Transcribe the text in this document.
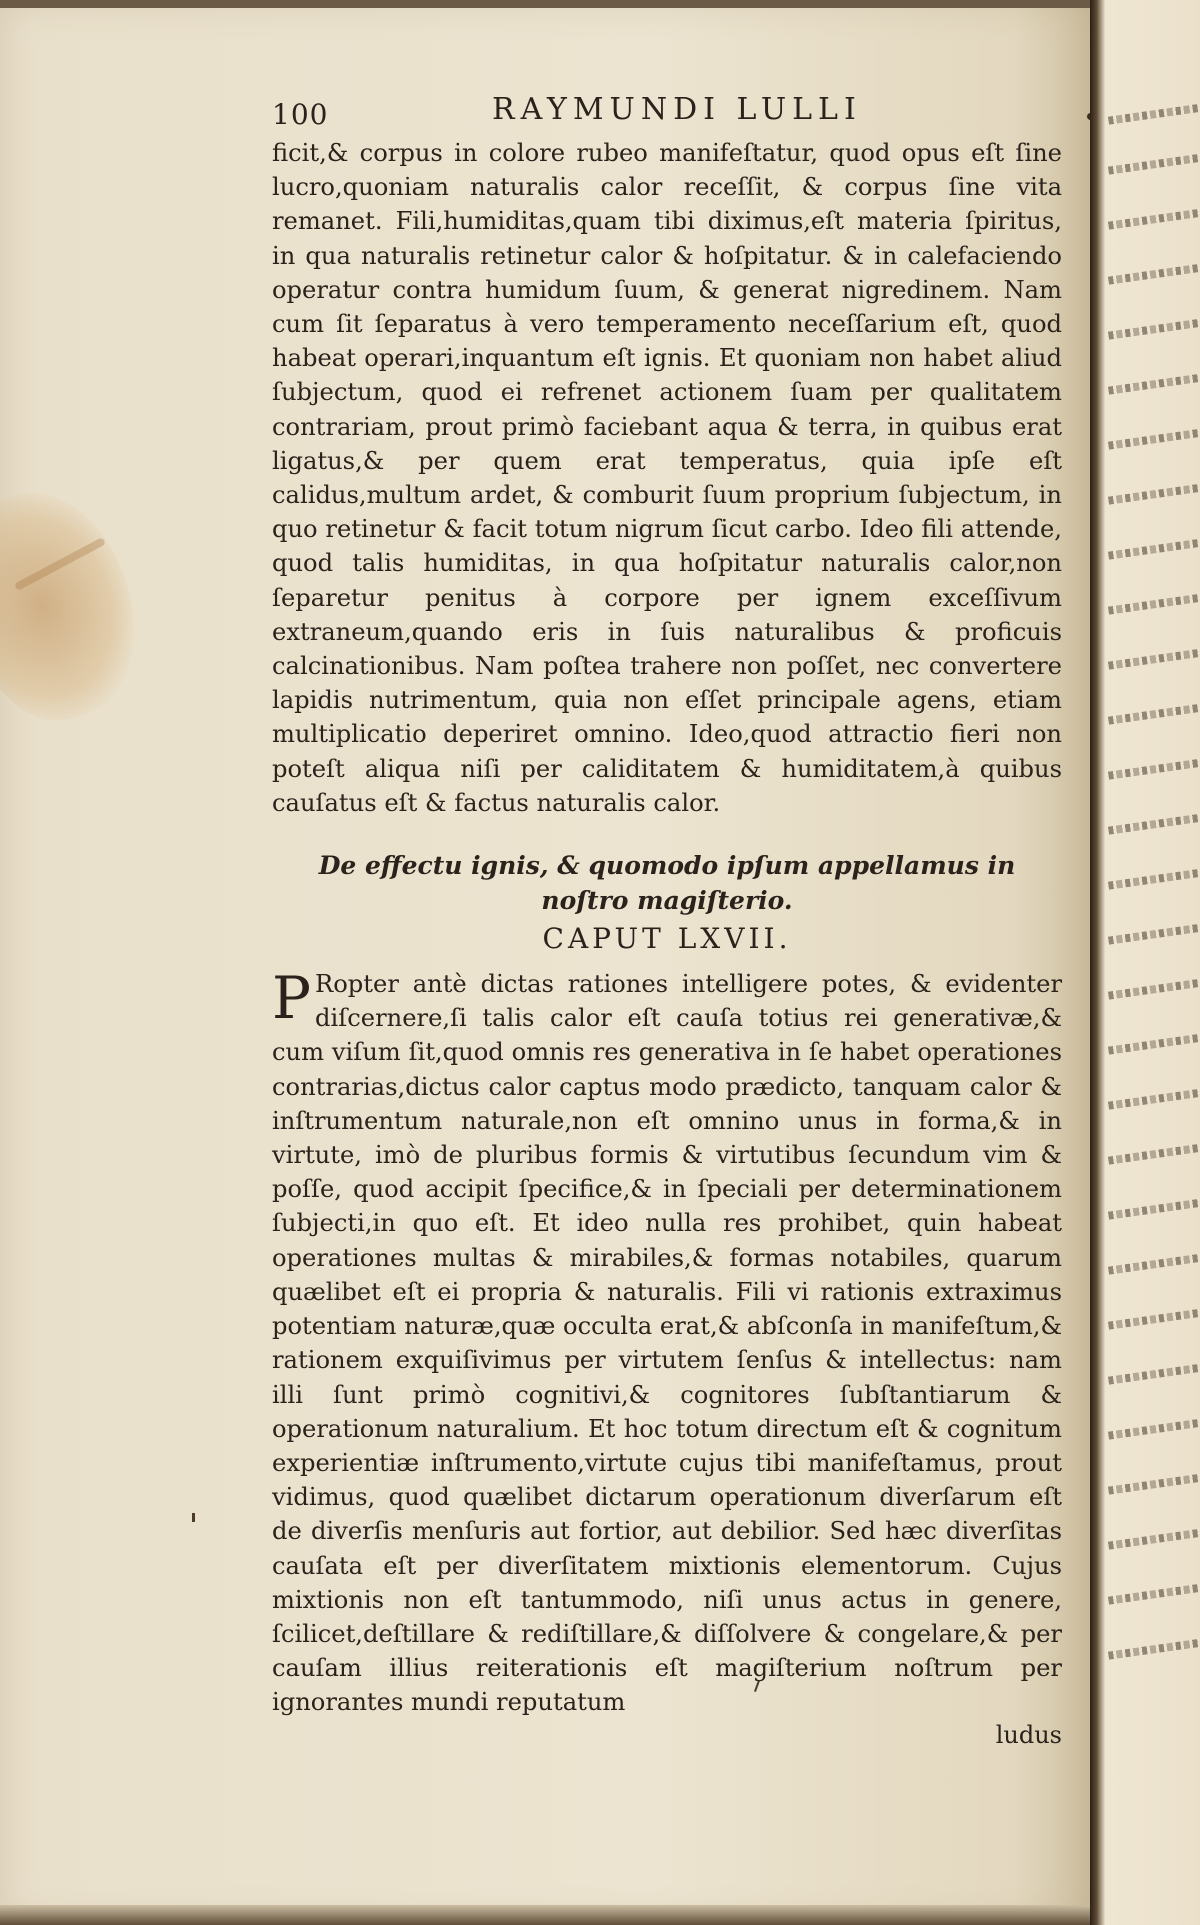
100	RAYMUNDI LULLI

ficit,& corpus in colore rubeo manifeſtatur, quod opus eſt ſine lucro,quoniam naturalis calor receſſit, & corpus ſine vita remanet. Fili,humiditas,quam tibi diximus,eſt materia ſpiritus, in qua naturalis retinetur calor & hoſpitatur. & in calefaciendo operatur contra humidum ſuum, & generat nigredinem. Nam cum ſit ſeparatus à vero temperamento neceſſarium eſt, quod habeat operari,inquantum eſt ignis. Et quoniam non habet aliud ſubjectum, quod ei refrenet actionem ſuam per qualitatem contrariam, prout primò faciebant aqua & terra, in quibus erat ligatus,& per quem erat temperatus, quia ipſe eſt calidus,multum ardet, & comburit ſuum proprium ſubjectum, in quo retinetur & facit totum nigrum ſicut carbo. Ideo fili attende, quod talis humiditas, in qua hoſpitatur naturalis calor,non ſeparetur penitus à corpore per ignem exceſſivum extraneum,quando eris in ſuis naturalibus & proficuis calcinationibus. Nam poſtea trahere non poſſet, nec convertere lapidis nutrimentum, quia non eſſet principale agens, etiam multiplicatio deperiret omnino. Ideo,quod attractio fieri non poteſt aliqua niſi per caliditatem & humiditatem,à quibus cauſatus eſt & factus naturalis calor.

De effectu ignis, & quomodo ipſum appellamus in noſtro magiſterio.
CAPUT LXVII.

P Ropter antè dictas rationes intelligere potes, & evidenter diſcernere,ſi talis calor eſt cauſa totius rei generativæ,& cum viſum ſit,quod omnis res generativa in ſe habet operationes contrarias,dictus calor captus modo prædicto, tanquam calor & inſtrumentum naturale,non eſt omnino unus in forma,& in virtute, imò de pluribus formis & virtutibus ſecundum vim & poſſe, quod accipit ſpecifice,& in ſpeciali per determinationem ſubjecti,in quo eſt. Et ideo nulla res prohibet, quin habeat operationes multas & mirabiles,& formas notabiles, quarum quælibet eſt ei propria & naturalis. Fili vi rationis extraximus potentiam naturæ,quæ occulta erat,& abſconſa in manifeſtum,& rationem exquiſivimus per virtutem ſenſus & intellectus: nam illi ſunt primò cognitivi,& cognitores ſubſtantiarum & operationum naturalium. Et hoc totum directum eſt & cognitum experientiæ inſtrumento,virtute cujus tibi manifeſtamus, prout vidimus, quod quælibet dictarum operationum diverſarum eſt de diverſis menſuris aut fortior, aut debilior. Sed hæc diverſitas cauſata eſt per diverſitatem mixtionis elementorum. Cujus mixtionis non eſt tantummodo, niſi unus actus in genere, ſcilicet,deſtillare & rediſtillare,& diſſolvere & congelare,& per cauſam illius reiterationis eſt magiſterium noſtrum per ignorantes mundi reputatum

ludus
